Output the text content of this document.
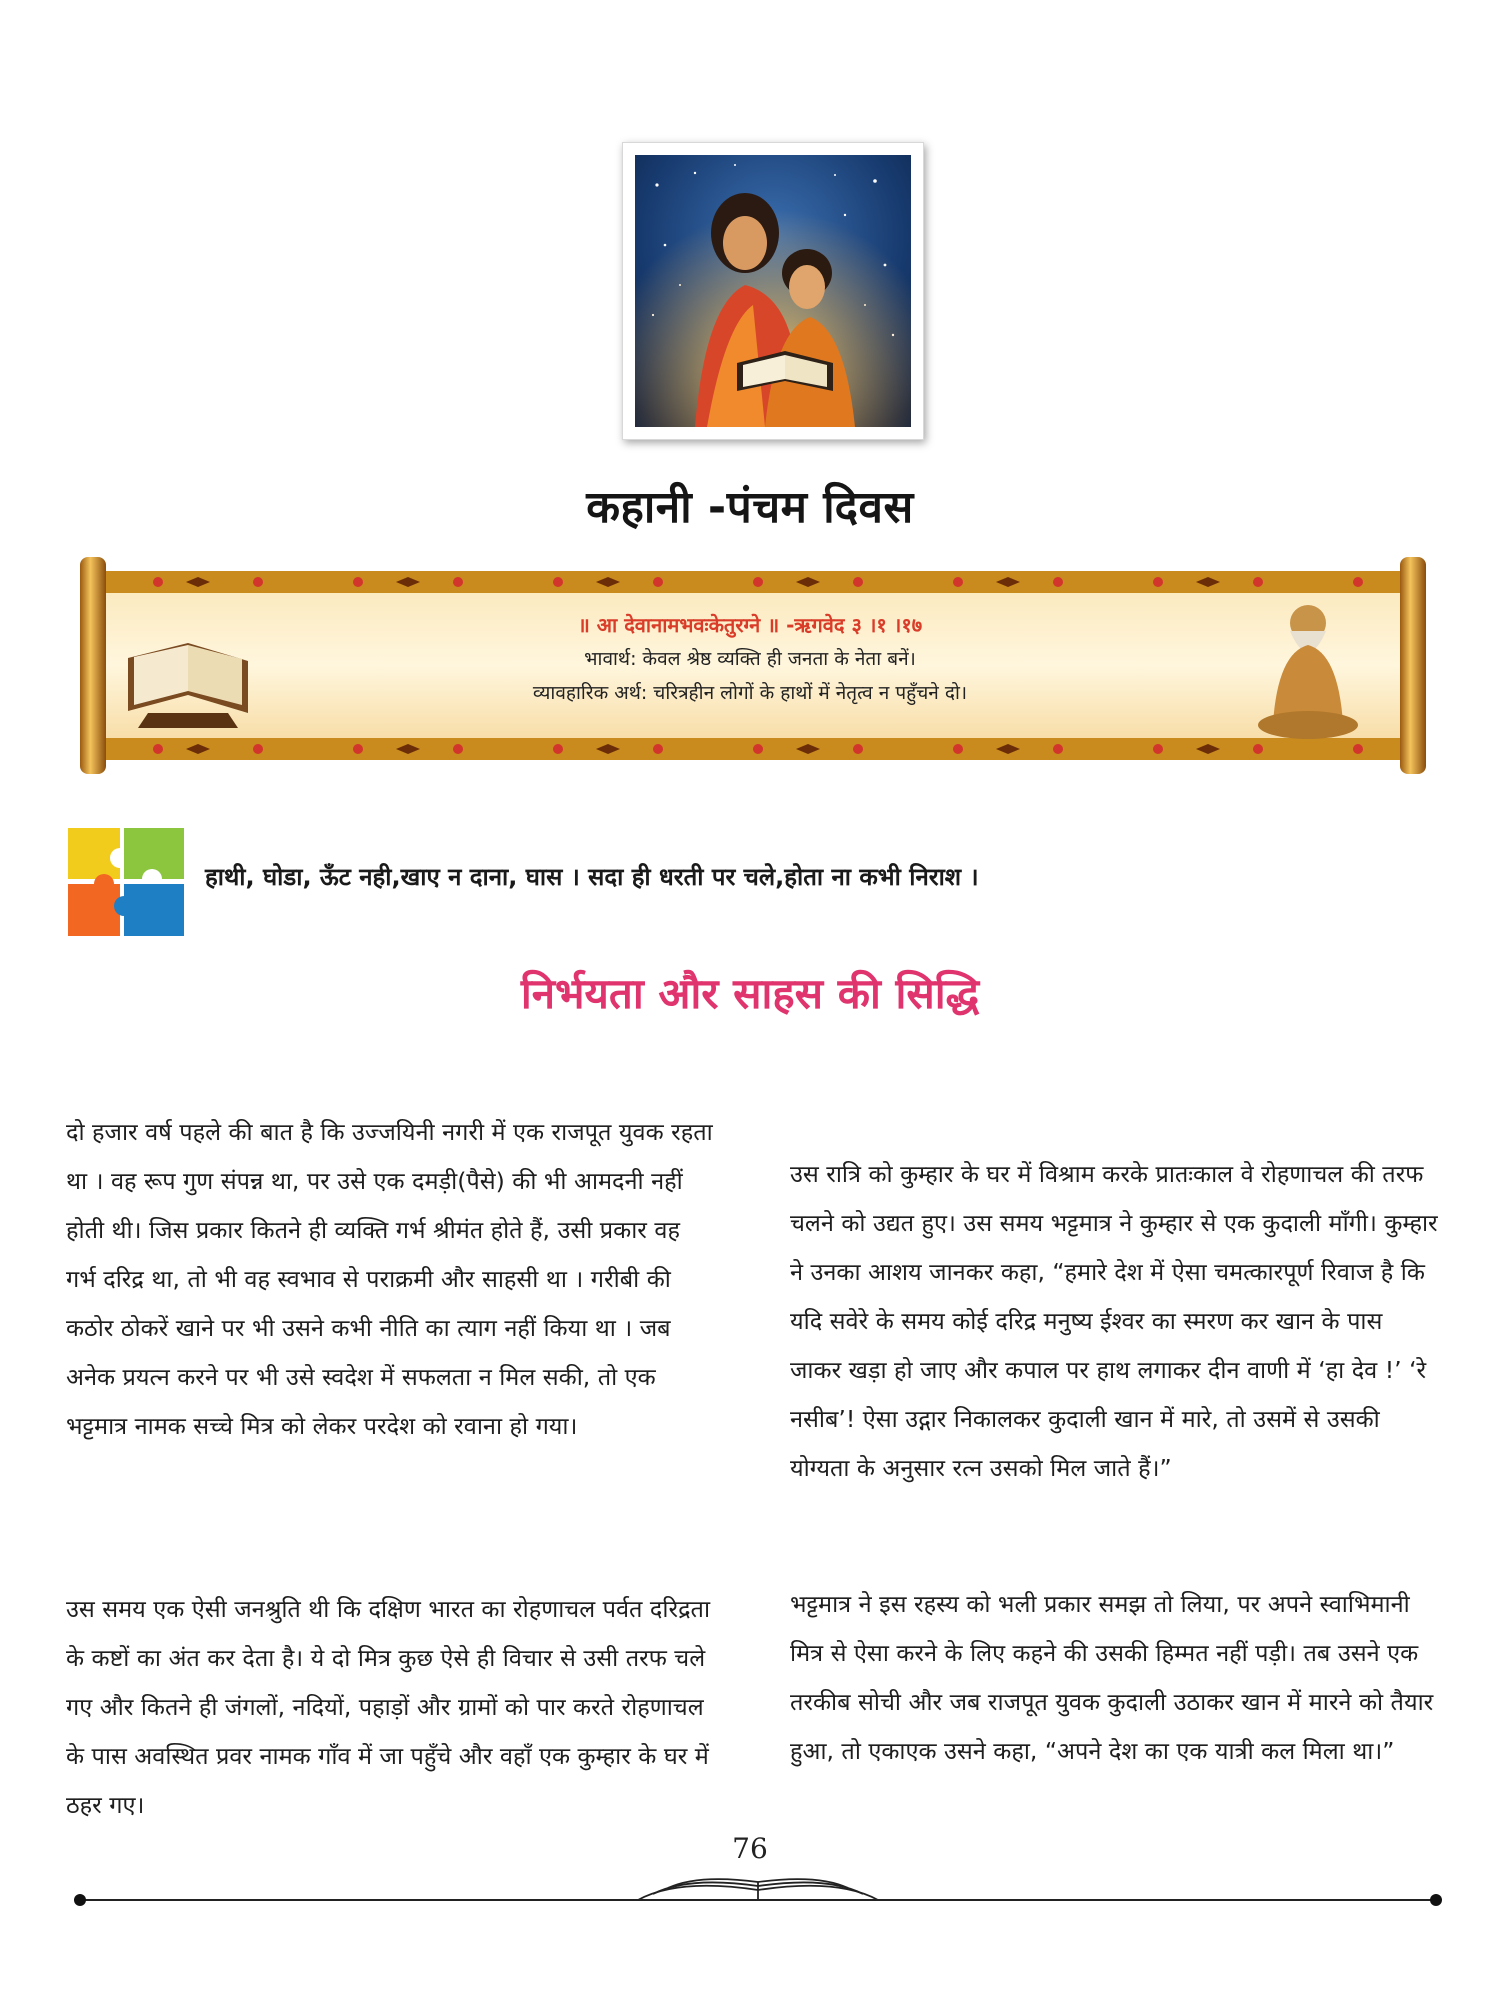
कहानी -पंचम दिवस
॥ आ देवानामभवःकेतुरग्ने ॥ -ऋगवेद ३ ।१ ।१७
भावार्थ: केवल श्रेष्ठ व्यक्ति ही जनता के नेता बनें।
व्यावहारिक अर्थ: चरित्रहीन लोगों के हाथों में नेतृत्व न पहुँचने दो।
हाथी, घोडा, ऊँट नही,खाए न दाना, घास । सदा ही धरती पर चले,होता ना कभी निराश ।
निर्भयता और साहस की सिद्धि

दो हजार वर्ष पहले की बात है कि उज्जयिनी नगरी में एक राजपूत युवक रहता था । वह रूप गुण संपन्न था, पर उसे एक दमड़ी(पैसे) की भी आमदनी नहीं होती थी। जिस प्रकार कितने ही व्यक्ति गर्भ श्रीमंत होते हैं, उसी प्रकार वह गर्भ दरिद्र था, तो भी वह स्वभाव से पराक्रमी और साहसी था । गरीबी की कठोर ठोकरें खाने पर भी उसने कभी नीति का त्याग नहीं किया था । जब अनेक प्रयत्न करने पर भी उसे स्वदेश में सफलता न मिल सकी, तो एक भट्टमात्र नामक सच्चे मित्र को लेकर परदेश को रवाना हो गया।

उस समय एक ऐसी जनश्रुति थी कि दक्षिण भारत का रोहणाचल पर्वत दरिद्रता के कष्टों का अंत कर देता है। ये दो मित्र कुछ ऐसे ही विचार से उसी तरफ चले गए और कितने ही जंगलों, नदियों, पहाड़ों और ग्रामों को पार करते रोहणाचल के पास अवस्थित प्रवर नामक गाँव में जा पहुँचे और वहाँ एक कुम्हार के घर में ठहर गए।

उस रात्रि को कुम्हार के घर में विश्राम करके प्रातःकाल वे रोहणाचल की तरफ चलने को उद्यत हुए। उस समय भट्टमात्र ने कुम्हार से एक कुदाली माँगी। कुम्हार ने उनका आशय जानकर कहा, “हमारे देश में ऐसा चमत्कारपूर्ण रिवाज है कि यदि सवेरे के समय कोई दरिद्र मनुष्य ईश्वर का स्मरण कर खान के पास जाकर खड़ा हो जाए और कपाल पर हाथ लगाकर दीन वाणी में ‘हा देव !’ ‘रे नसीब’! ऐसा उद्गार निकालकर कुदाली खान में मारे, तो उसमें से उसकी योग्यता के अनुसार रत्न उसको मिल जाते हैं।”

भट्टमात्र ने इस रहस्य को भली प्रकार समझ तो लिया, पर अपने स्वाभिमानी मित्र से ऐसा करने के लिए कहने की उसकी हिम्मत नहीं पड़ी। तब उसने एक तरकीब सोची और जब राजपूत युवक कुदाली उठाकर खान में मारने को तैयार हुआ, तो एकाएक उसने कहा, “अपने देश का एक यात्री कल मिला था।”

76
